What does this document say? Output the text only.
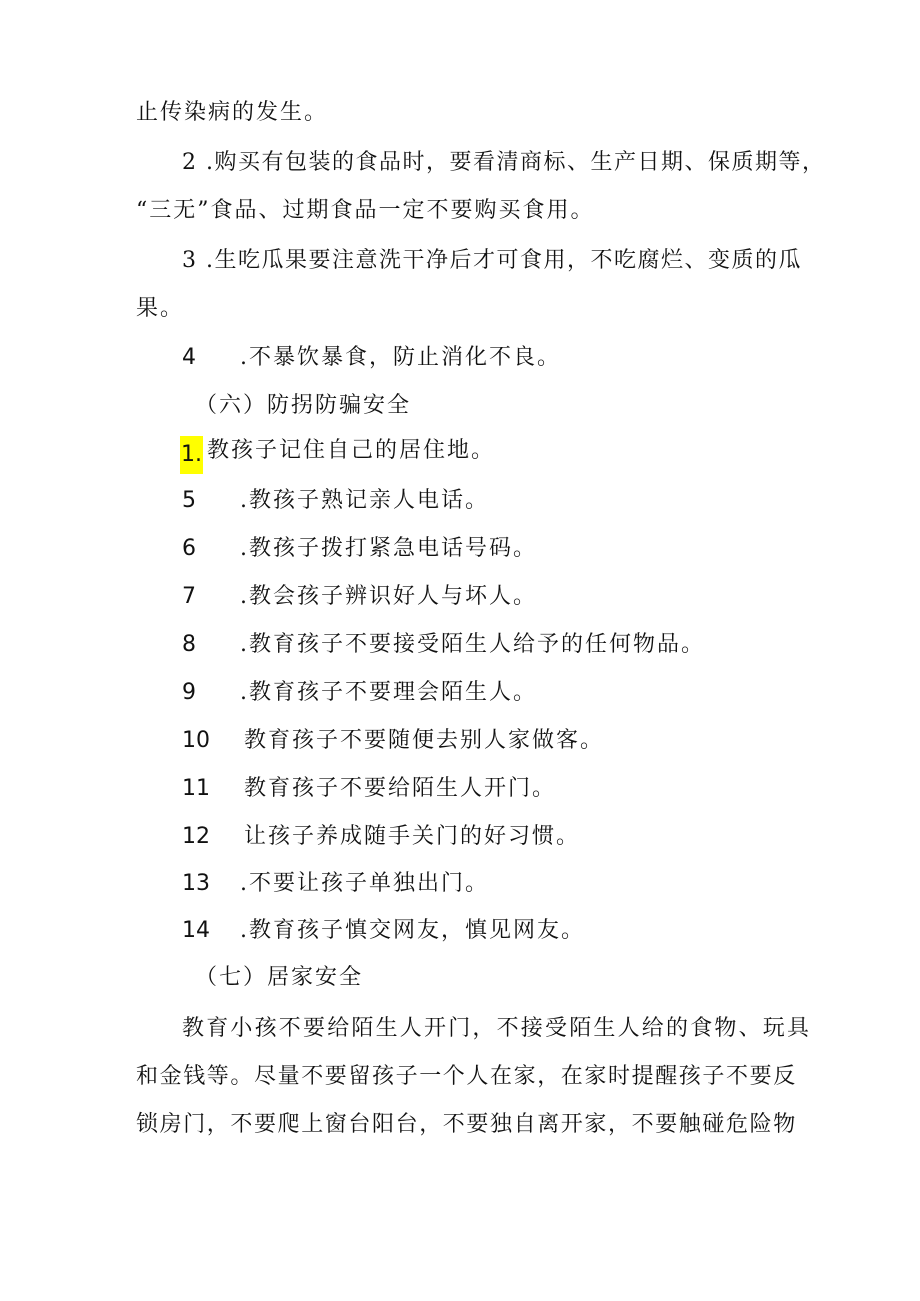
止传染病的发生。
2 .购买有包装的食品时，要看清商标、生产日期、保质期等，
“三无”食品、过期食品一定不要购买食用。
3 .生吃瓜果要注意洗干净后才可食用，不吃腐烂、变质的瓜
果。
4 .不暴饮暴食，防止消化不良。
（六）防拐防骗安全
1. 教孩子记住自己的居住地。
5 .教孩子熟记亲人电话。
6 .教孩子拨打紧急电话号码。
7 .教会孩子辨识好人与坏人。
8 .教育孩子不要接受陌生人给予的任何物品。
9 .教育孩子不要理会陌生人。
10 教育孩子不要随便去别人家做客。
11 教育孩子不要给陌生人开门。
12 让孩子养成随手关门的好习惯。
13 .不要让孩子单独出门。
14 .教育孩子慎交网友，慎见网友。
（七）居家安全
教育小孩不要给陌生人开门，不接受陌生人给的食物、玩具
和金钱等。尽量不要留孩子一个人在家，在家时提醒孩子不要反
锁房门，不要爬上窗台阳台，不要独自离开家，不要触碰危险物
